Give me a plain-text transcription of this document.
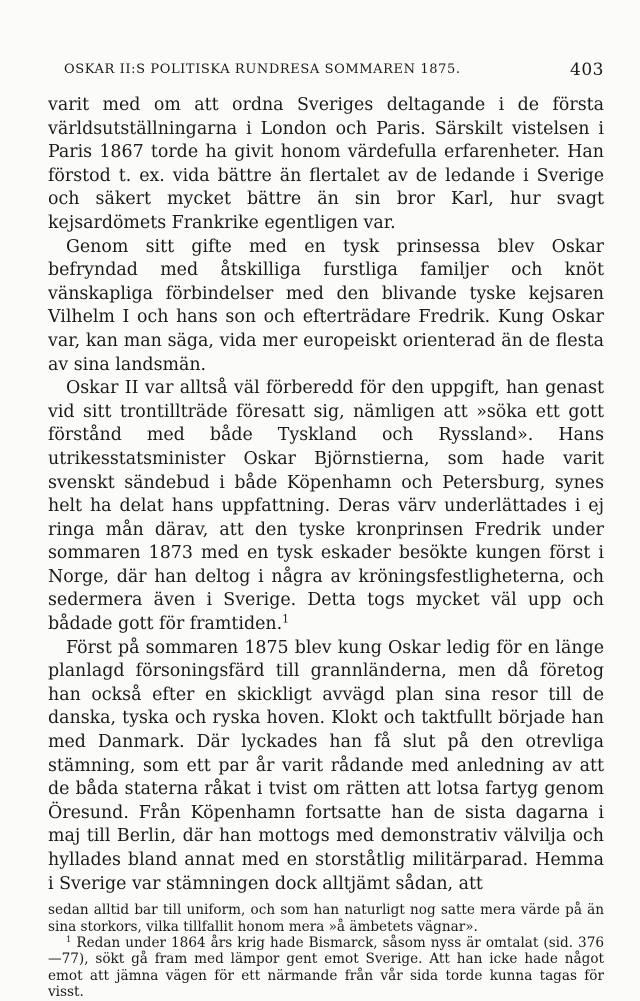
OSKAR II:S POLITISKA RUNDRESA SOMMAREN 1875.	403

varit med om att ordna Sveriges deltagande i de första världsutställningarna i London och Paris. Särskilt vistelsen i Paris 1867 torde ha givit honom värdefulla erfarenheter. Han förstod t. ex. vida bättre än flertalet av de ledande i Sverige och säkert mycket bättre än sin bror Karl, hur svagt kejsardömets Frankrike egentligen var.

Genom sitt gifte med en tysk prinsessa blev Oskar befryndad med åtskilliga furstliga familjer och knöt vänskapliga förbindelser med den blivande tyske kejsaren Vilhelm I och hans son och efterträdare Fredrik. Kung Oskar var, kan man säga, vida mer europeiskt orienterad än de flesta av sina landsmän.

Oskar II var alltså väl förberedd för den uppgift, han genast vid sitt trontillträde föresatt sig, nämligen att »söka ett gott förstånd med både Tyskland och Ryssland». Hans utrikesstatsminister Oskar Björnstierna, som hade varit svenskt sändebud i både Köpenhamn och Petersburg, synes helt ha delat hans uppfattning. Deras värv underlättades i ej ringa mån därav, att den tyske kronprinsen Fredrik under sommaren 1873 med en tysk eskader besökte kungen först i Norge, där han deltog i några av kröningsfestligheterna, och sedermera även i Sverige. Detta togs mycket väl upp och bådade gott för framtiden.$^1$

Först på sommaren 1875 blev kung Oskar ledig för en länge planlagd försoningsfärd till grannländerna, men då företog han också efter en skickligt avvägd plan sina resor till de danska, tyska och ryska hoven. Klokt och taktfullt började han med Danmark. Där lyckades han få slut på den otrevliga stämning, som ett par år varit rådande med anledning av att de båda staterna råkat i tvist om rätten att lotsa fartyg genom Öresund. Från Köpenhamn fortsatte han de sista dagarna i maj till Berlin, där han mottogs med demonstrativ välvilja och hyllades bland annat med en storståtlig militärparad. Hemma i Sverige var stämningen dock alltjämt sådan, att

sedan alltid bar till uniform, och som han naturligt nog satte mera värde på än sina storkors, vilka tillfallit honom mera »å ämbetets vägnar».

$^1$ Redan under 1864 års krig hade Bismarck, såsom nyss är omtalat (sid. 376—77), sökt gå fram med lämpor gent emot Sverige. Att han icke hade något emot att jämna vägen för ett närmande från vår sida torde kunna tagas för visst.
